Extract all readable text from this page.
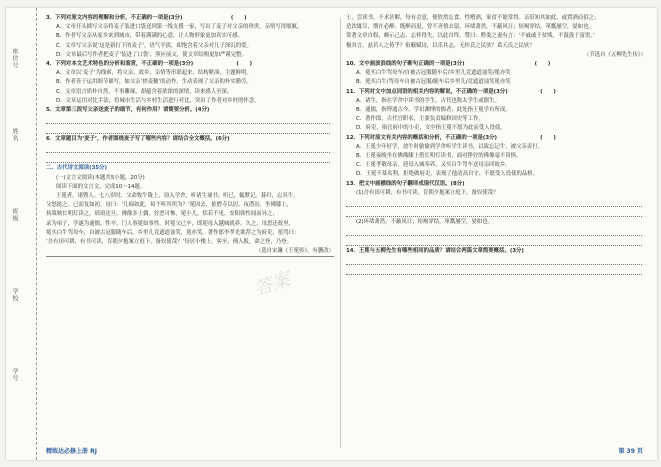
座位号
姓名
班级
学校
学号
3．下列对原文内容的理解和分析，不正确的一项是(3分)　　　　　　　　　(　　)
A．文章开头描写父亲将麦子装进口袋送到第一线支援一家，写出了麦子对父亲的珍贵，亲情写得细腻。
B．作者写父亲从家乡来到城市，带着满满的心意，让人物形象更加真实可感。
C．文章写父亲说‘这是新打下的麦子’，语气平淡，却饱含着父亲对儿子深沉的爱。
D．文章最后写作者把麦子‘装进了口袋’，照应前文，使文章结构更加严谨完整。
4．下列对本文艺术特色的分析和鉴赏，不正确的一项是(3分)　　　　　　　　(　　)
A．文章以‘麦子’为线索，将父亲、故乡、亲情等串联起来，结构紧凑，主题鲜明。
B．作者善于运用细节描写，如父亲‘搓麦穗’的动作，生动表现了父亲的朴实勤劳。
C．文章语言质朴自然，不事雕琢，却蕴含着浓浓的深情，读来感人至深。
D．文章运用对比手法，将城市生活与乡村生活进行对比，突出了作者对乡村的怀念。
5．文章第三段写父亲送麦子的细节，有何作用？请简要分析。(4分)
6．文章题目为‘麦子’，作者围绕麦子写了哪些内容？请结合全文概括。(6分)
二、古代诗文阅读(35分)
(一)文言文阅读(本题共5小题，20分)
阅读下面的文言文，完成10～14题。
王冕者，诸暨人。七八岁时，父命牧牛陇上，窃入学舍，听诸生诵书；听已，辄默记。暮归，忘其牛。
父怒挞之。已而复如初。母曰：‘儿痴如此，曷不听其所为？’冕因去，依僧寺以居。夜潜出，坐佛膝上，
执策映长明灯读之，琅琅达旦。佛像多土偶，狞恶可怖，冕小儿，恬若不见。安阳韩性闻而异之，
录为弟子，学遂为通儒。性卒，门人事冕如事性。时冕父已卒，即迎母入越城就养。久之，母思还故里，
冕买白牛驾母车，自被古冠服随车后。乡里儿竞遮道讪笑，冕亦笑。著作郎李孝光欲荐之为府吏，冕骂曰：
‘吾有田可耕，有书可读，肯朝夕抱案立庭下，备奴使哉？’每居小楼上，客至，僮入报，命之登，乃登。
（选自宋濂《王冕传》，有删改）
士，尝读书，不求甚解，每有会意，便欣然忘食。性嗜酒，家贫不能常得。亲旧知其如此，或置酒而招之；
造饮辄尽，期在必醉。既醉而退，曾不吝情去留。环堵萧然，不蔽风日；短褐穿结，箪瓢屡空，晏如也。
常著文章自娱，颇示己志。忘怀得失，以此自终。赞曰：黔娄之妻有言：‘不戚戚于贫贱，不汲汲于富贵。’
极其言，兹若人之俦乎？衔觞赋诗，以乐其志，无怀氏之民欤？葛天氏之民欤？
（节选自《五柳先生传》）
10．文中画波浪线的句子断句正确的一项是(3分)　　　　　　　　　　　　　(　　)
A．冕买白牛驾母车/自被古冠服随车后/乡里儿竞遮道讪笑/冕亦笑
B．冕买白牛/驾母车自被古冠服/随车后乡里儿/竞遮道讪笑冕亦笑
11．下列对文中加点词语的相关内容的解说，不正确的一项是(3分)　　　　　　(　　)
A．诸生，指在学舍中读书的学生，古代也称太学生或儒生。
B．通儒，指博通古今、学识渊博的儒者，此处指王冕学有所成。
C．著作郎，古代官职名，主要负责编修国史等工作。
D．府吏，指官府中的小吏，文中指王冕不愿为此而受人役使。
12．下列对原文有关内容的概括和分析，不正确的一项是(3分)　　　　　　　　(　　)
A．王冕少年好学，放牛时偷偷到学舍听学生读书，以致忘记牛，被父亲责打。
B．王冕夜晚坐在佛像膝上借长明灯读书，面对狰狞的佛像毫不畏惧。
C．王冕孝敬母亲，迎母入城奉养，又买白牛驾车送母亲回故乡。
D．王冕不慕名利，拒绝做府吏，表现了他清高自守、不愿受人役使的品格。
13．把文中画横线的句子翻译成现代汉语。(8分)
(1)吾有田可耕，有书可读，肯朝夕抱案立庭下，备奴使哉？
(2)环堵萧然，不蔽风日；短褐穿结，箪瓢屡空，晏如也。
14．王冕与五柳先生有哪些相同的品质？请结合两篇文章简要概括。(3分)
答案
精练达必修上册 RJ	第 39 页
